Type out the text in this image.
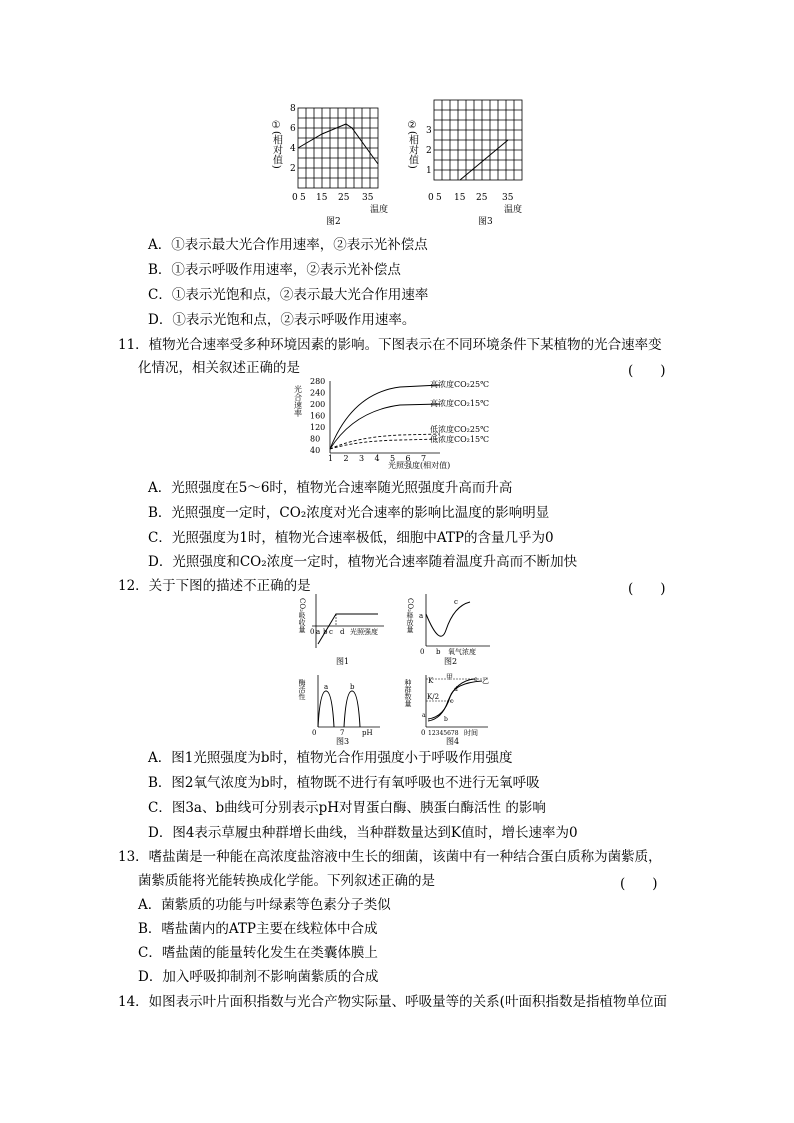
8
6
4
2
0 5 15 25 35
温度
图2
①(相对值)	3
2
1
0 5 15 25 35
温度
图3
②(相对值)
A．①表示最大光合作用速率，②表示光补偿点
B．①表示呼吸作用速率，②表示光补偿点
C．①表示光饱和点，②表示最大光合作用速率
D．①表示光饱和点，②表示呼吸作用速率。
11．植物光合速率受多种环境因素的影响。下图表示在不同环境条件下某植物的光合速率变
化情况，相关叙述正确的是	(　　)
280
240
200
160
120
80
40
1 2 3 4 5 6 7
高浓度CO₂25℃
高浓度CO₂15℃
低浓度CO₂25℃
低浓度CO₂15℃
光合速率
光照强度(相对值)
A．光照强度在5～6时，植物光合速率随光照强度升高而升高
B．光照强度一定时，CO₂浓度对光合速率的影响比温度的影响明显
C．光照强度为1时，植物光合速率极低，细胞中ATP的含量几乎为0
D．光照强度和CO₂浓度一定时，植物光合速率随着温度升高而不断加快
12．关于下图的描述不正确的是	(　　)
CO₂吸收量 0 a b c d 光照强度
图1
CO₂释放量
0
a
b
c
氧气浓度
图2
酶活性
0	7
a	b
pH
图3
种群数量 K
K/2
甲	乙
a
b
c
d
e
0 12345678 时间
图4
A．图1光照强度为b时，植物光合作用强度小于呼吸作用强度
B．图2氧气浓度为b时，植物既不进行有氧呼吸也不进行无氧呼吸
C．图3a、b曲线可分别表示pH对胃蛋白酶、胰蛋白酶活性 的影响
D．图4表示草履虫种群增长曲线，当种群数量达到K值时，增长速率为0
13．嗜盐菌是一种能在高浓度盐溶液中生长的细菌，该菌中有一种结合蛋白质称为菌紫质，
菌紫质能将光能转换成化学能。下列叙述正确的是	(　　)
A．菌紫质的功能与叶绿素等色素分子类似
B．嗜盐菌内的ATP主要在线粒体中合成
C．嗜盐菌的能量转化发生在类囊体膜上
D．加入呼吸抑制剂不影响菌紫质的合成
14．如图表示叶片面积指数与光合产物实际量、呼吸量等的关系(叶面积指数是指植物单位面
